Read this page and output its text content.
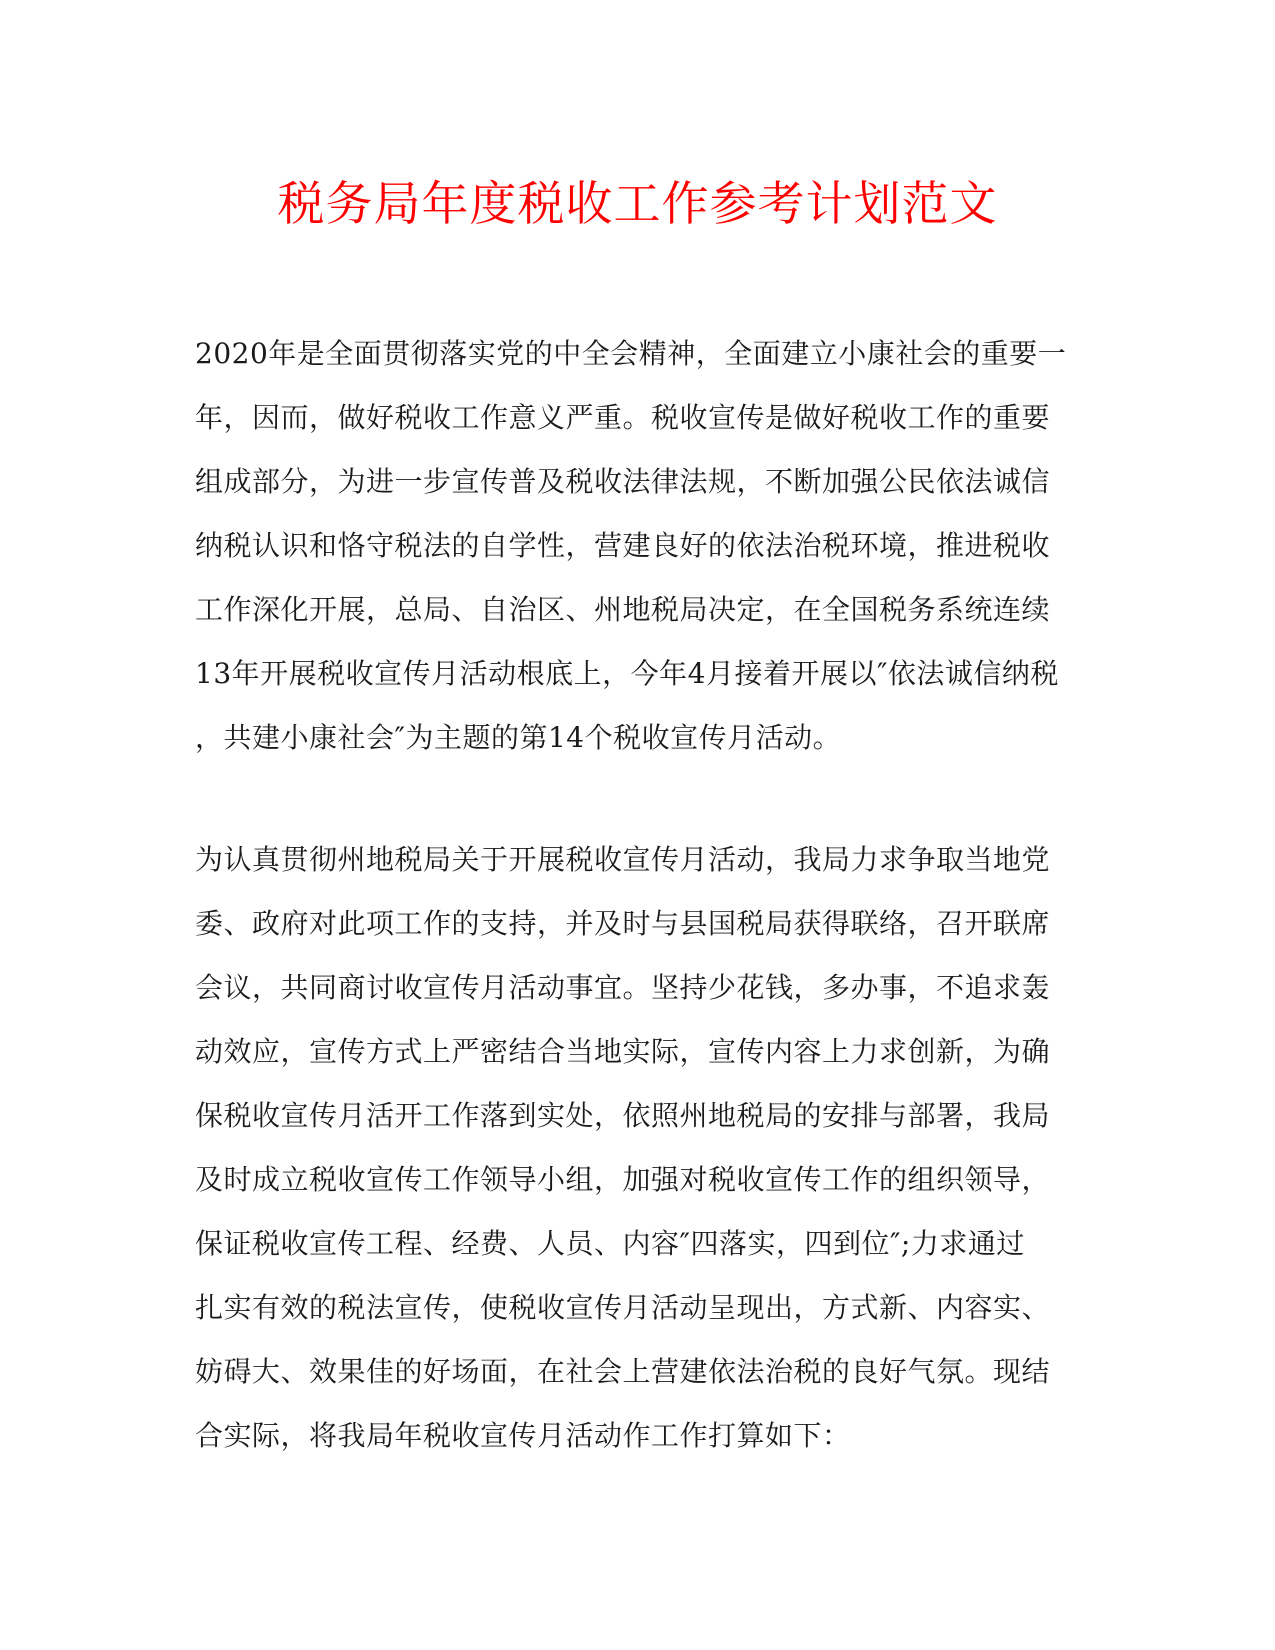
税务局年度税收工作参考计划范文
2020年是全面贯彻落实党的中全会精神，全面建立小康社会的重要一
年，因而，做好税收工作意义严重。税收宣传是做好税收工作的重要
组成部分，为进一步宣传普及税收法律法规，不断加强公民依法诚信
纳税认识和恪守税法的自学性，营建良好的依法治税环境，推进税收
工作深化开展，总局、自治区、州地税局决定，在全国税务系统连续
13年开展税收宣传月活动根底上，今年4月接着开展以″依法诚信纳税
，共建小康社会″为主题的第14个税收宣传月活动。
为认真贯彻州地税局关于开展税收宣传月活动，我局力求争取当地党
委、政府对此项工作的支持，并及时与县国税局获得联络，召开联席
会议，共同商讨收宣传月活动事宜。坚持少花钱，多办事，不追求轰
动效应，宣传方式上严密结合当地实际，宣传内容上力求创新，为确
保税收宣传月活开工作落到实处，依照州地税局的安排与部署，我局
及时成立税收宣传工作领导小组，加强对税收宣传工作的组织领导，
保证税收宣传工程、经费、人员、内容″四落实，四到位″;力求通过
扎实有效的税法宣传，使税收宣传月活动呈现出，方式新、内容实、
妨碍大、效果佳的好场面，在社会上营建依法治税的良好气氛。现结
合实际，将我局年税收宣传月活动作工作打算如下：
